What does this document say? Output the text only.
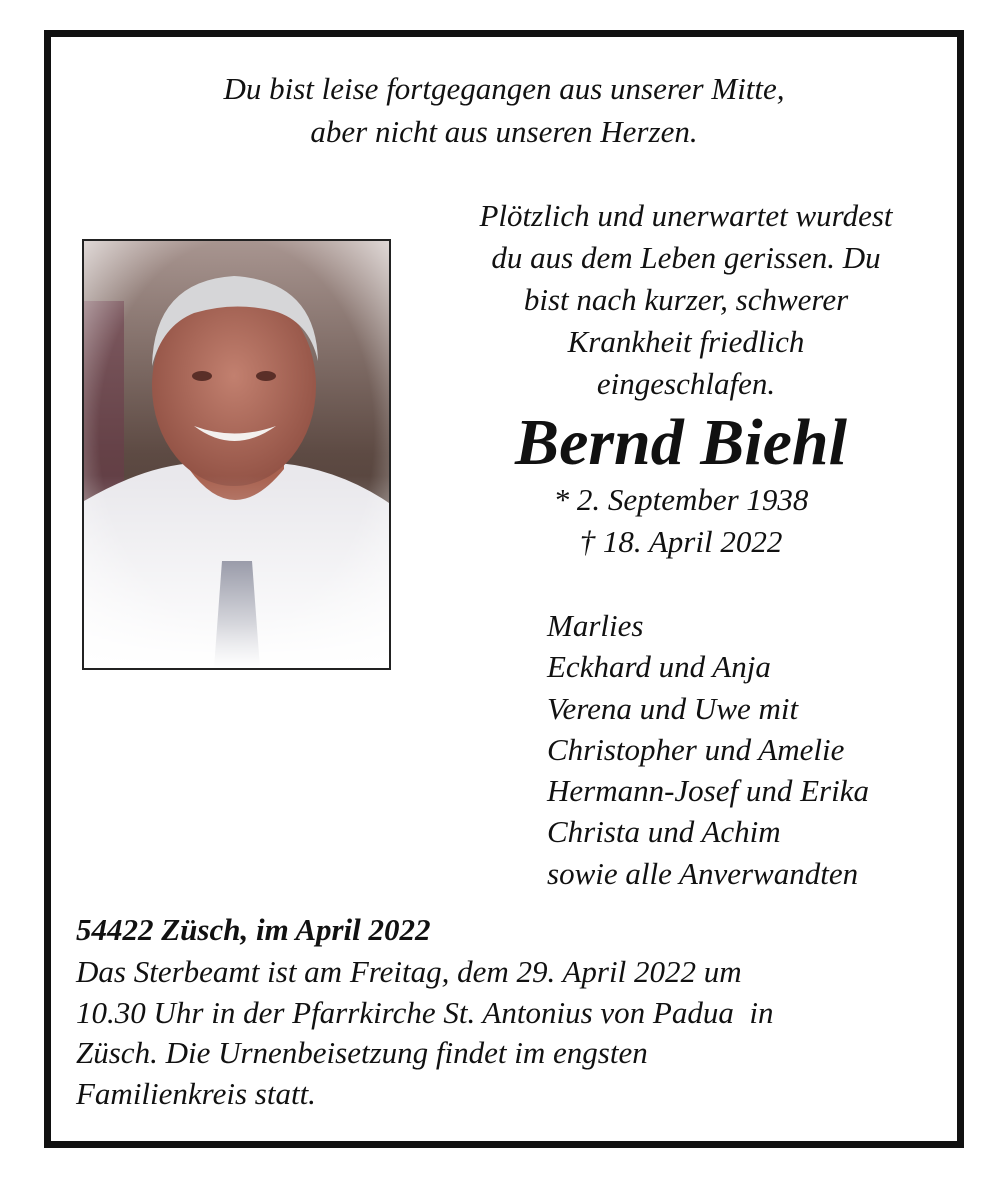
Du bist leise fortgegangen aus unserer Mitte,
aber nicht aus unseren Herzen.
Plötzlich und unerwartet wurdest
du aus dem Leben gerissen. Du
bist nach kurzer, schwerer
Krankheit friedlich
eingeschlafen.
Bernd Biehl
* 2. September 1938
† 18. April 2022
Marlies
Eckhard und Anja
Verena und Uwe mit
Christopher und Amelie
Hermann-Josef und Erika
Christa und Achim
sowie alle Anverwandten
54422 Züsch, im April 2022
Das Sterbeamt ist am Freitag, dem 29. April 2022 um
10.30 Uhr in der Pfarrkirche St. Antonius von Padua  in
Züsch. Die Urnenbeisetzung findet im engsten
Familienkreis statt.
